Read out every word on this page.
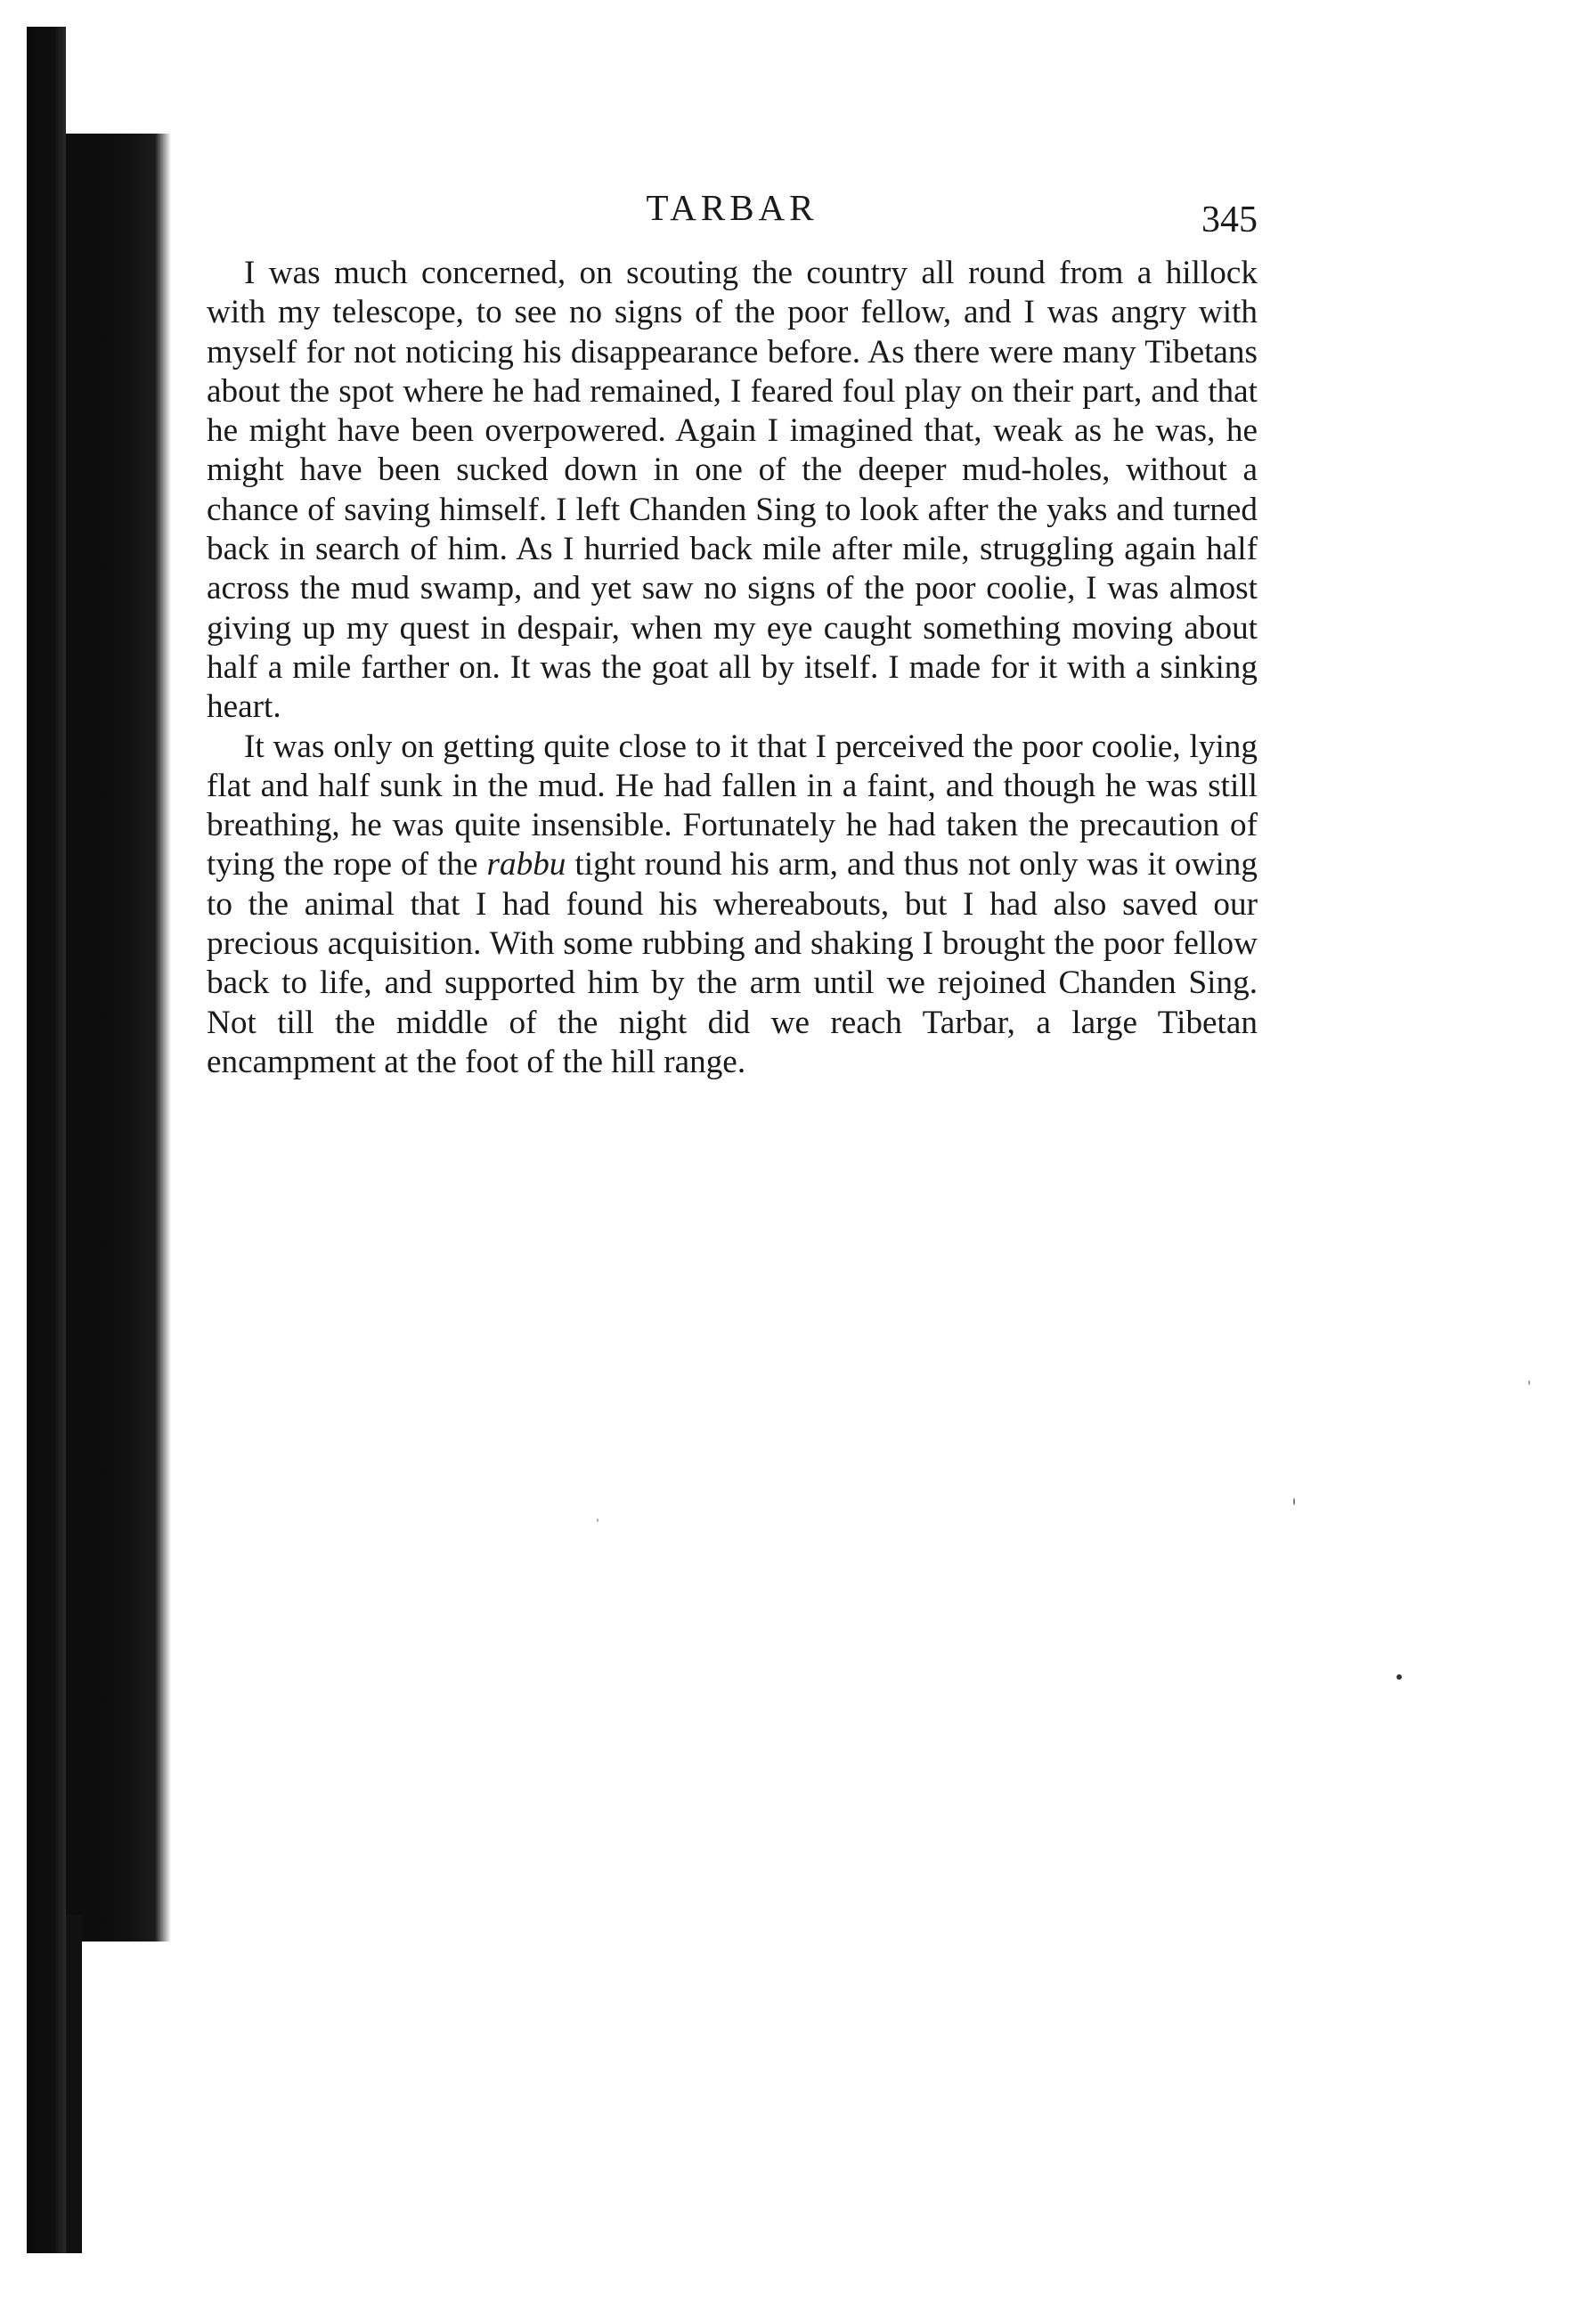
TARBAR	345

I was much concerned, on scouting the country all round from a hillock with my telescope, to see no signs of the poor fellow, and I was angry with myself for not noticing his disappearance before. As there were many Tibetans about the spot where he had remained, I feared foul play on their part, and that he might have been overpowered. Again I imagined that, weak as he was, he might have been sucked down in one of the deeper mud-holes, without a chance of saving himself. I left Chanden Sing to look after the yaks and turned back in search of him. As I hurried back mile after mile, struggling again half across the mud swamp, and yet saw no signs of the poor coolie, I was almost giving up my quest in despair, when my eye caught something moving about half a mile farther on. It was the goat all by itself. I made for it with a sinking heart.

It was only on getting quite close to it that I perceived the poor coolie, lying flat and half sunk in the mud. He had fallen in a faint, and though he was still breathing, he was quite insensible. Fortunately he had taken the precaution of tying the rope of the rabbu tight round his arm, and thus not only was it owing to the animal that I had found his whereabouts, but I had also saved our precious acquisition. With some rubbing and shaking I brought the poor fellow back to life, and supported him by the arm until we rejoined Chanden Sing. Not till the middle of the night did we reach Tarbar, a large Tibetan encampment at the foot of the hill range.
